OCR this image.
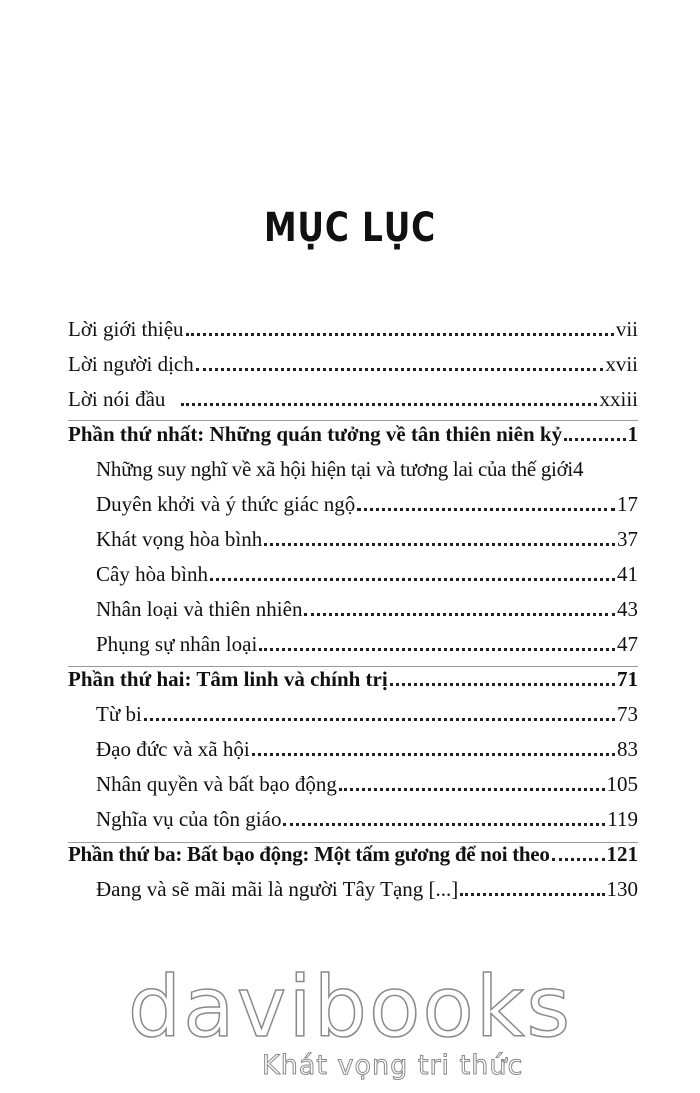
MỤC LỤC
Lời giới thiệu	vii
Lời người dịch	xvii
Lời nói đầu	xxiii
Phần thứ nhất: Những quán tưởng về tân thiên niên kỷ	1
Những suy nghĩ về xã hội hiện tại và tương lai của thế giới 4
Duyên khởi và ý thức giác ngộ	17
Khát vọng hòa bình	37
Cây hòa bình	41
Nhân loại và thiên nhiên	43
Phụng sự nhân loại	47
Phần thứ hai: Tâm linh và chính trị	71
Từ bi	73
Đạo đức và xã hội	83
Nhân quyền và bất bạo động	105
Nghĩa vụ của tôn giáo	119
Phần thứ ba: Bất bạo động: Một tấm gương để noi theo	121
Đang và sẽ mãi mãi là người Tây Tạng [...]	130
davibooks
Khát vọng tri thức
